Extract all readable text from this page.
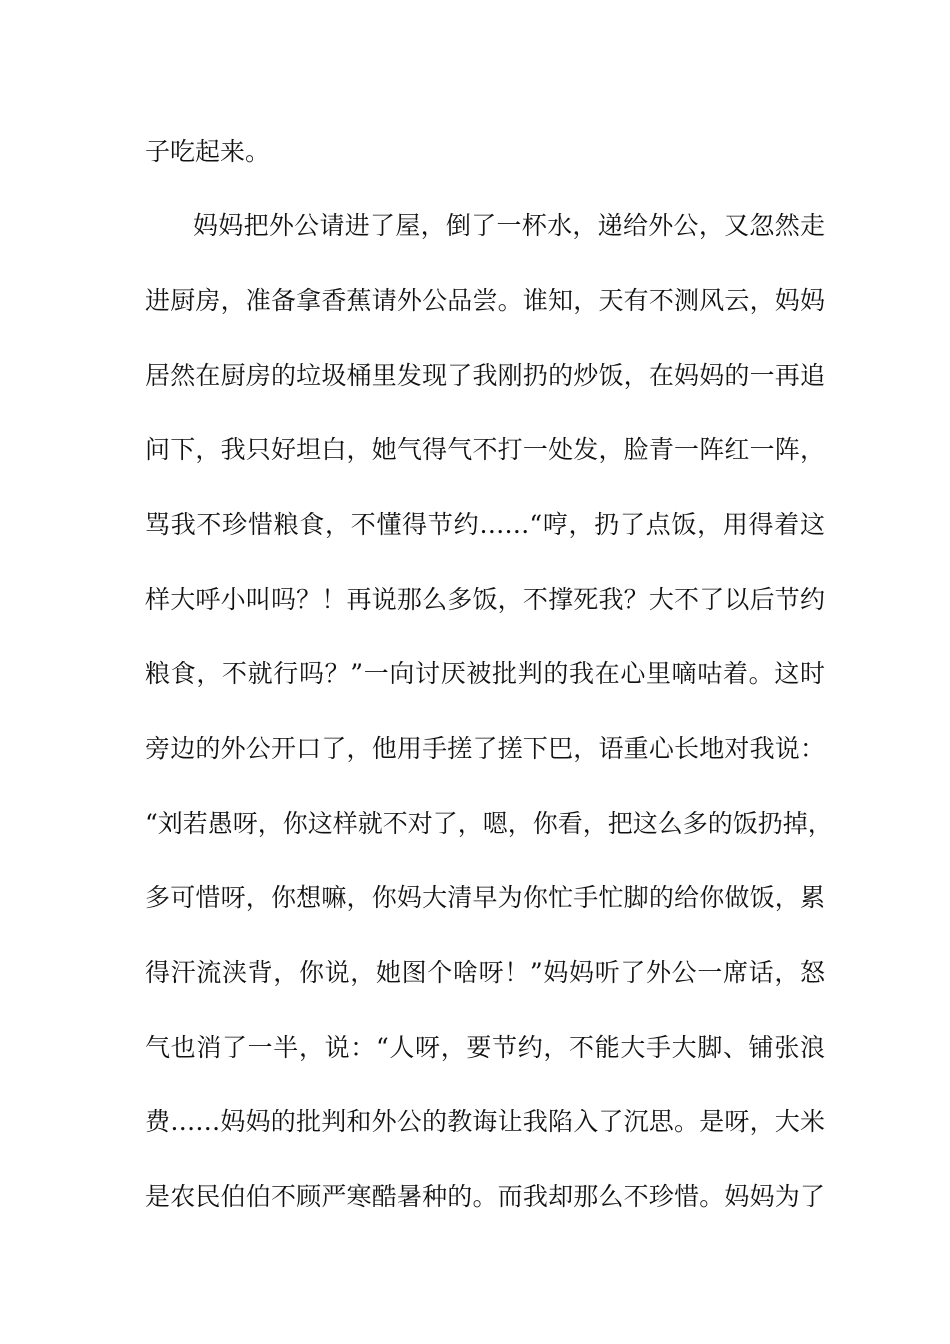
子吃起来。
妈妈把外公请进了屋，倒了一杯水，递给外公，又忽然走
进厨房，准备拿香蕉请外公品尝。谁知，天有不测风云，妈妈
居然在厨房的垃圾桶里发现了我刚扔的炒饭，在妈妈的一再追
问下，我只好坦白，她气得气不打一处发，脸青一阵红一阵，
骂我不珍惜粮食，不懂得节约……“哼，扔了点饭，用得着这
样大呼小叫吗？！再说那么多饭，不撑死我？大不了以后节约
粮食，不就行吗？”一向讨厌被批判的我在心里嘀咕着。这时
旁边的外公开口了，他用手搓了搓下巴，语重心长地对我说：
“刘若愚呀，你这样就不对了，嗯，你看，把这么多的饭扔掉，
多可惜呀，你想嘛，你妈大清早为你忙手忙脚的给你做饭，累
得汗流浃背，你说，她图个啥呀！”妈妈听了外公一席话，怒
气也消了一半，说：“人呀，要节约，不能大手大脚、铺张浪
费……妈妈的批判和外公的教诲让我陷入了沉思。是呀，大米
是农民伯伯不顾严寒酷暑种的。而我却那么不珍惜。妈妈为了
